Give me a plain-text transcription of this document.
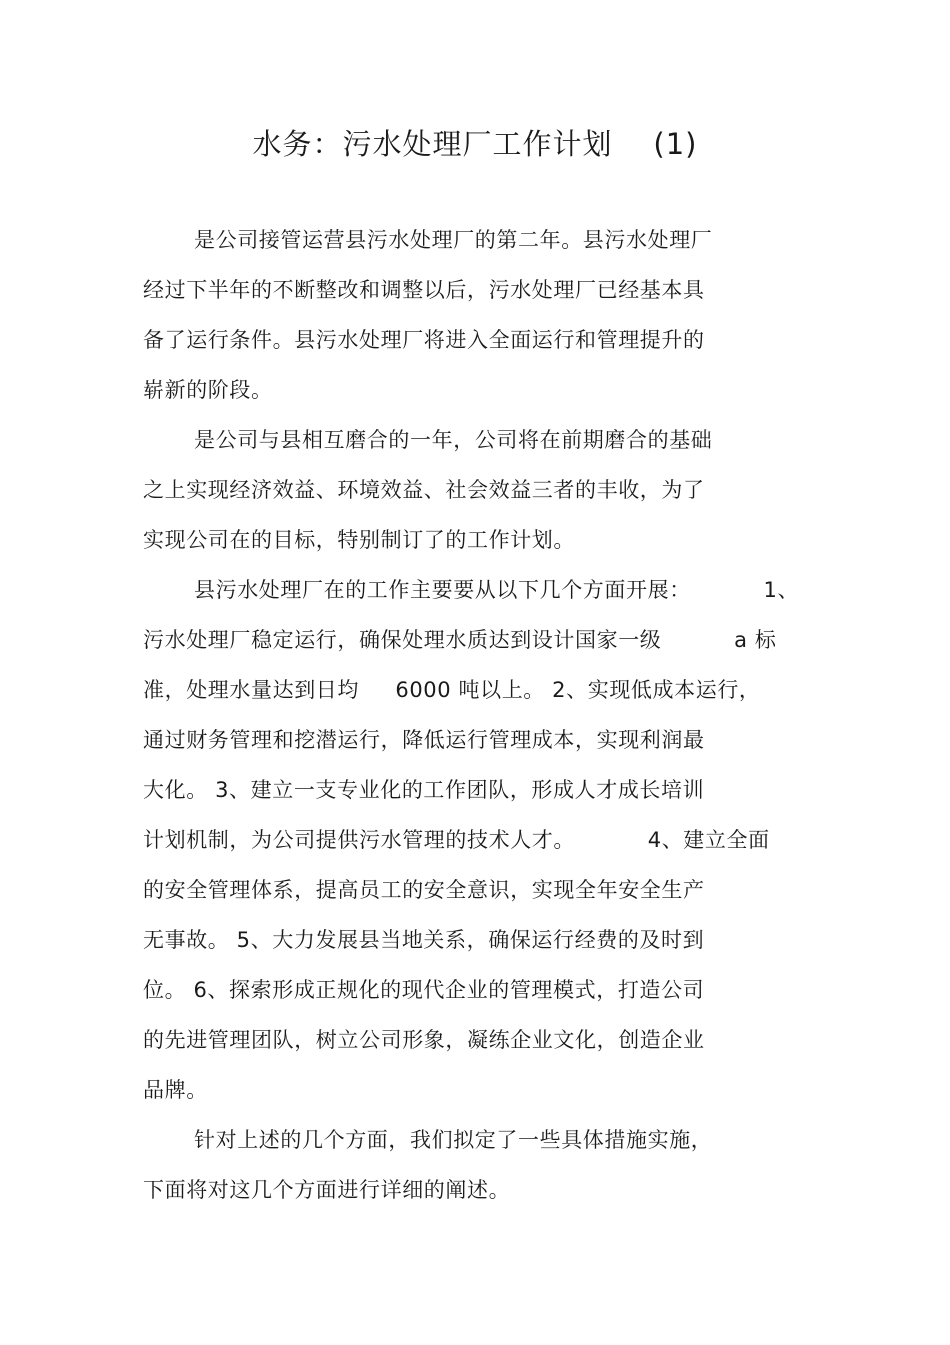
水务：污水处理厂工作计划    (1)
是公司接管运营县污水处理厂的第二年。县污水处理厂
经过下半年的不断整改和调整以后，污水处理厂已经基本具
备了运行条件。县污水处理厂将进入全面运行和管理提升的
崭新的阶段。
是公司与县相互磨合的一年，公司将在前期磨合的基础
之上实现经济效益、环境效益、社会效益三者的丰收，为了
实现公司在的目标，特别制订了的工作计划。
县污水处理厂在的工作主要要从以下几个方面开展：          1、
污水处理厂稳定运行，确保处理水质达到设计国家一级          a 标
准，处理水量达到日均     6000 吨以上。 2、实现低成本运行，
通过财务管理和挖潜运行，降低运行管理成本，实现利润最
大化。 3、建立一支专业化的工作团队，形成人才成长培训
计划机制，为公司提供污水管理的技术人才。          4、建立全面
的安全管理体系，提高员工的安全意识，实现全年安全生产
无事故。 5、大力发展县当地关系，确保运行经费的及时到
位。 6、探索形成正规化的现代企业的管理模式，打造公司
的先进管理团队，树立公司形象，凝练企业文化，创造企业
品牌。
针对上述的几个方面，我们拟定了一些具体措施实施，
下面将对这几个方面进行详细的阐述。
